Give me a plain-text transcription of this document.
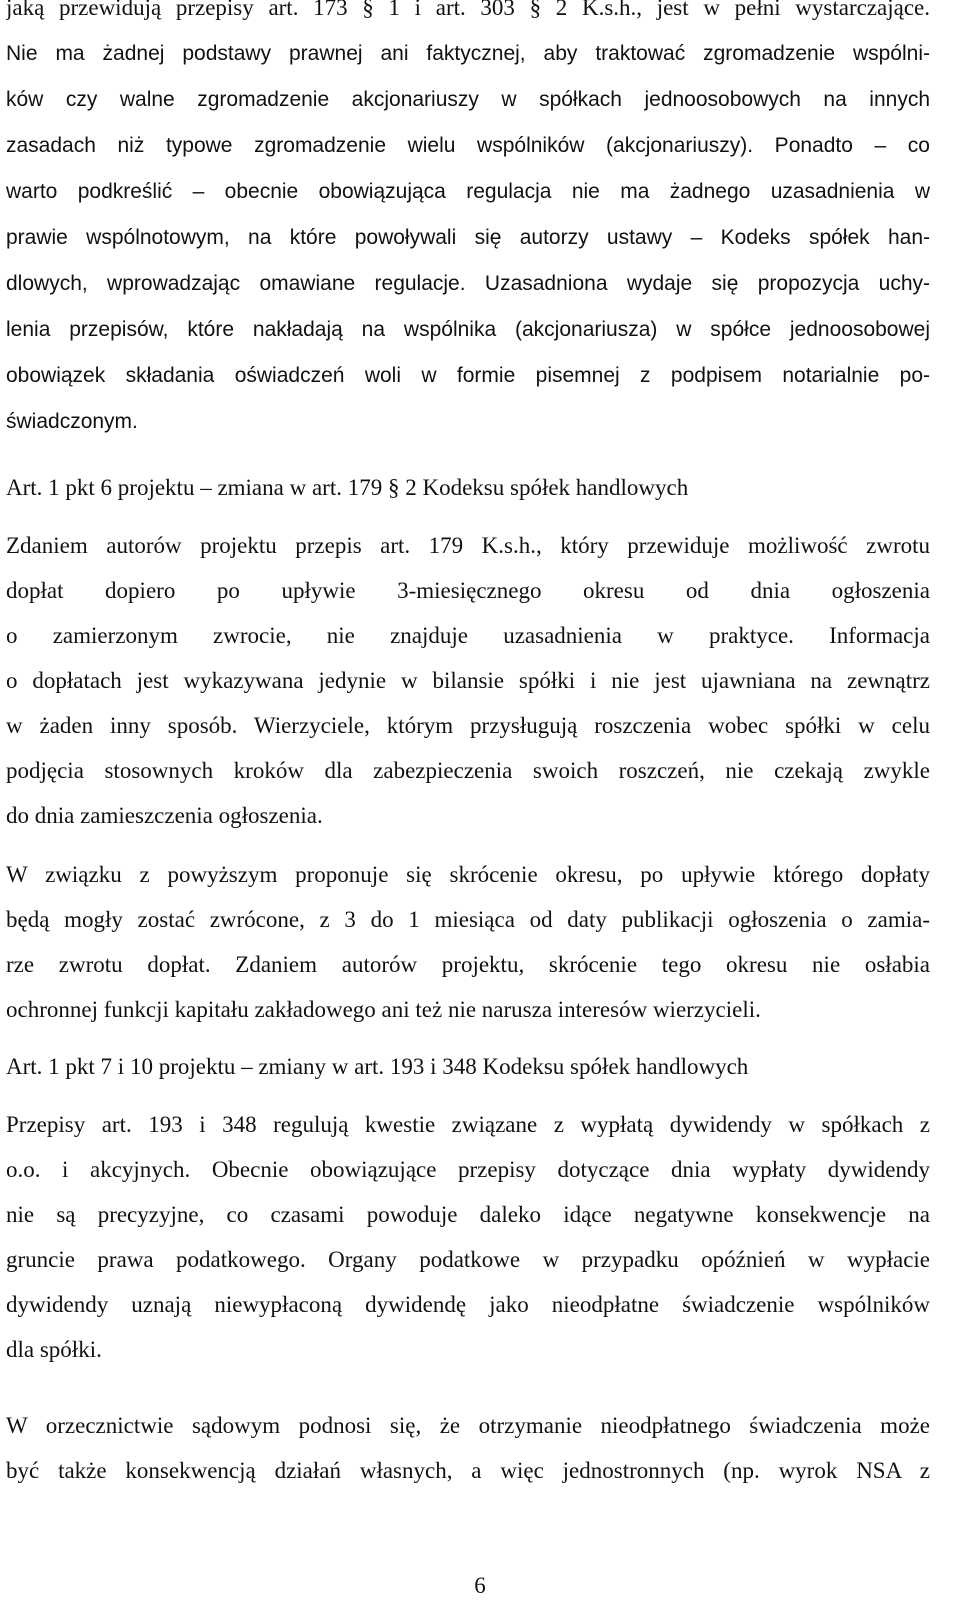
jaką przewidują przepisy art. 173 § 1 i art. 303 § 2 K.s.h., jest w pełni wystarczające.
Nie ma żadnej podstawy prawnej ani faktycznej, aby traktować zgromadzenie wspólni-
ków czy walne zgromadzenie akcjonariuszy w spółkach jednoosobowych na innych
zasadach niż typowe zgromadzenie wielu wspólników (akcjonariuszy). Ponadto – co
warto podkreślić – obecnie obowiązująca regulacja nie ma żadnego uzasadnienia w
prawie wspólnotowym, na które powoływali się autorzy ustawy – Kodeks spółek han-
dlowych, wprowadzając omawiane regulacje. Uzasadniona wydaje się propozycja uchy-
lenia przepisów, które nakładają na wspólnika (akcjonariusza) w spółce jednoosobowej
obowiązek składania oświadczeń woli w formie pisemnej z podpisem notarialnie po-
świadczonym.
Art. 1 pkt 6 projektu – zmiana w art. 179 § 2 Kodeksu spółek handlowych
Zdaniem autorów projektu przepis art. 179 K.s.h., który przewiduje możliwość zwrotu
dopłat dopiero po upływie 3-miesięcznego okresu od dnia ogłoszenia
o zamierzonym zwrocie, nie znajduje uzasadnienia w praktyce. Informacja
o dopłatach jest wykazywana jedynie w bilansie spółki i nie jest ujawniana na zewnątrz
w żaden inny sposób. Wierzyciele, którym przysługują roszczenia wobec spółki w celu
podjęcia stosownych kroków dla zabezpieczenia swoich roszczeń, nie czekają zwykle
do dnia zamieszczenia ogłoszenia.
W związku z powyższym proponuje się skrócenie okresu, po upływie którego dopłaty
będą mogły zostać zwrócone, z 3 do 1 miesiąca od daty publikacji ogłoszenia o zamia-
rze zwrotu dopłat. Zdaniem autorów projektu, skrócenie tego okresu nie osłabia
ochronnej funkcji kapitału zakładowego ani też nie narusza interesów wierzycieli.
Art. 1 pkt 7 i 10 projektu – zmiany w art. 193 i 348 Kodeksu spółek handlowych
Przepisy art. 193 i 348 regulują kwestie związane z wypłatą dywidendy w spółkach z
o.o. i akcyjnych. Obecnie obowiązujące przepisy dotyczące dnia wypłaty dywidendy
nie są precyzyjne, co czasami powoduje daleko idące negatywne konsekwencje na
gruncie prawa podatkowego. Organy podatkowe w przypadku opóźnień w wypłacie
dywidendy uznają niewypłaconą dywidendę jako nieodpłatne świadczenie wspólników
dla spółki.
W orzecznictwie sądowym podnosi się, że otrzymanie nieodpłatnego świadczenia może
być także konsekwencją działań własnych, a więc jednostronnych (np. wyrok NSA z
6
